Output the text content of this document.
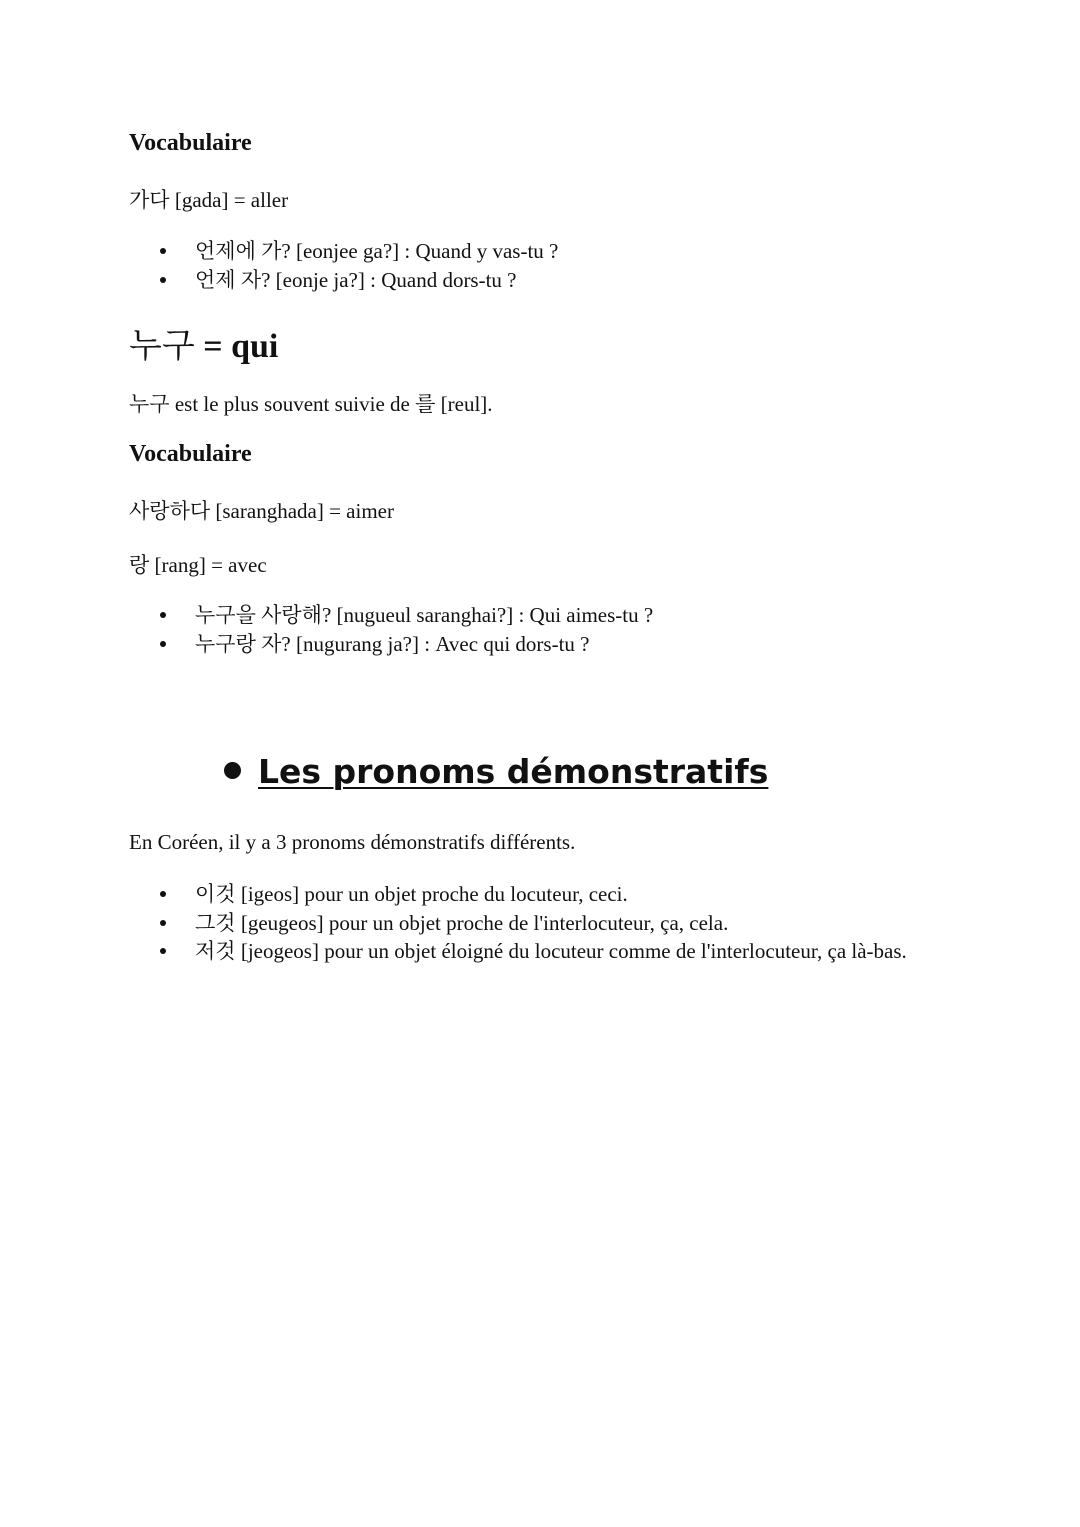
Vocabulaire
가다 [gada] = aller
언제에 가? [eonjee ga?] : Quand y vas-tu ?
언제 자? [eonje ja?] : Quand dors-tu ?
누구 = qui
누구 est le plus souvent suivie de 를 [reul].
Vocabulaire
사랑하다 [saranghada] = aimer
랑 [rang] = avec
누구을 사랑해? [nugueul saranghai?] : Qui aimes-tu ?
누구랑 자? [nugurang ja?] : Avec qui dors-tu ?
Les pronoms démonstratifs
En Coréen, il y a 3 pronoms démonstratifs différents.
이것 [igeos] pour un objet proche du locuteur, ceci.
그것 [geugeos] pour un objet proche de l'interlocuteur, ça, cela.
저것 [jeogeos] pour un objet éloigné du locuteur comme de l'interlocuteur, ça là-bas.
